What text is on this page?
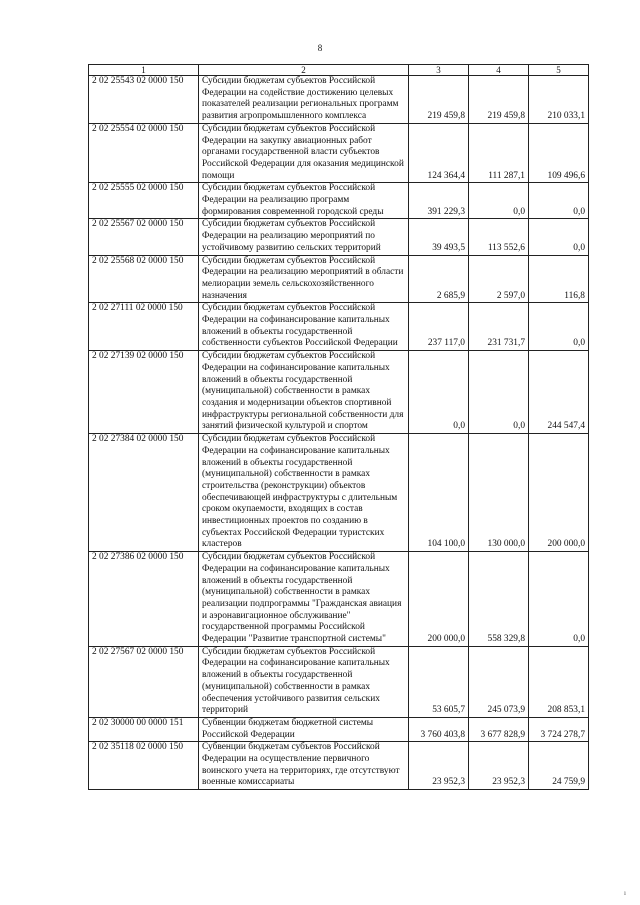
8
1	2	3	4	5
2 02 25543 02 0000 150	Субсидии бюджетам субъектов Российской Федерации на содействие достижению целевых показателей реализации региональных программ развития агропромышленного комплекса	219 459,8	219 459,8	210 033,1
2 02 25554 02 0000 150	Субсидии бюджетам субъектов Российской Федерации на закупку авиационных работ органами государственной власти субъектов Российской Федерации для оказания медицинской помощи	124 364,4	111 287,1	109 496,6
2 02 25555 02 0000 150	Субсидии бюджетам субъектов Российской Федерации на реализацию программ формирования современной городской среды	391 229,3	0,0	0,0
2 02 25567 02 0000 150	Субсидии бюджетам субъектов Российской Федерации на реализацию мероприятий по устойчивому развитию сельских территорий	39 493,5	113 552,6	0,0
2 02 25568 02 0000 150	Субсидии бюджетам субъектов Российской Федерации на реализацию мероприятий в области мелиорации земель сельскохозяйственного назначения	2 685,9	2 597,0	116,8
2 02 27111 02 0000 150	Субсидии бюджетам субъектов Российской Федерации на софинансирование капитальных вложений в объекты государственной собственности субъектов Российской Федерации	237 117,0	231 731,7	0,0
2 02 27139 02 0000 150	Субсидии бюджетам субъектов Российской Федерации на софинансирование капитальных вложений в объекты государственной (муниципальной) собственности в рамках создания и модернизации объектов спортивной инфраструктуры региональной собственности для занятий физической культурой и спортом	0,0	0,0	244 547,4
2 02 27384 02 0000 150	Субсидии бюджетам субъектов Российской Федерации на софинансирование капитальных вложений в объекты государственной (муниципальной) собственности в рамках строительства (реконструкции) объектов обеспечивающей инфраструктуры с длительным сроком окупаемости, входящих в состав инвестиционных проектов по созданию в субъектах Российской Федерации туристских кластеров	104 100,0	130 000,0	200 000,0
2 02 27386 02 0000 150	Субсидии бюджетам субъектов Российской Федерации на софинансирование капитальных вложений в объекты государственной (муниципальной) собственности в рамках реализации подпрограммы "Гражданская авиация и аэронавигационное обслуживание" государственной программы Российской Федерации "Развитие транспортной системы"	200 000,0	558 329,8	0,0
2 02 27567 02 0000 150	Субсидии бюджетам субъектов Российской Федерации на софинансирование капитальных вложений в объекты государственной (муниципальной) собственности в рамках обеспечения устойчивого развития сельских территорий	53 605,7	245 073,9	208 853,1
2 02 30000 00 0000 151	Субвенции бюджетам бюджетной системы Российской Федерации	3 760 403,8	3 677 828,9	3 724 278,7
2 02 35118 02 0000 150	Субвенции бюджетам субъектов Российской Федерации на осуществление первичного воинского учета на территориях, где отсутствуют военные комиссариаты	23 952,3	23 952,3	24 759,9
ı
